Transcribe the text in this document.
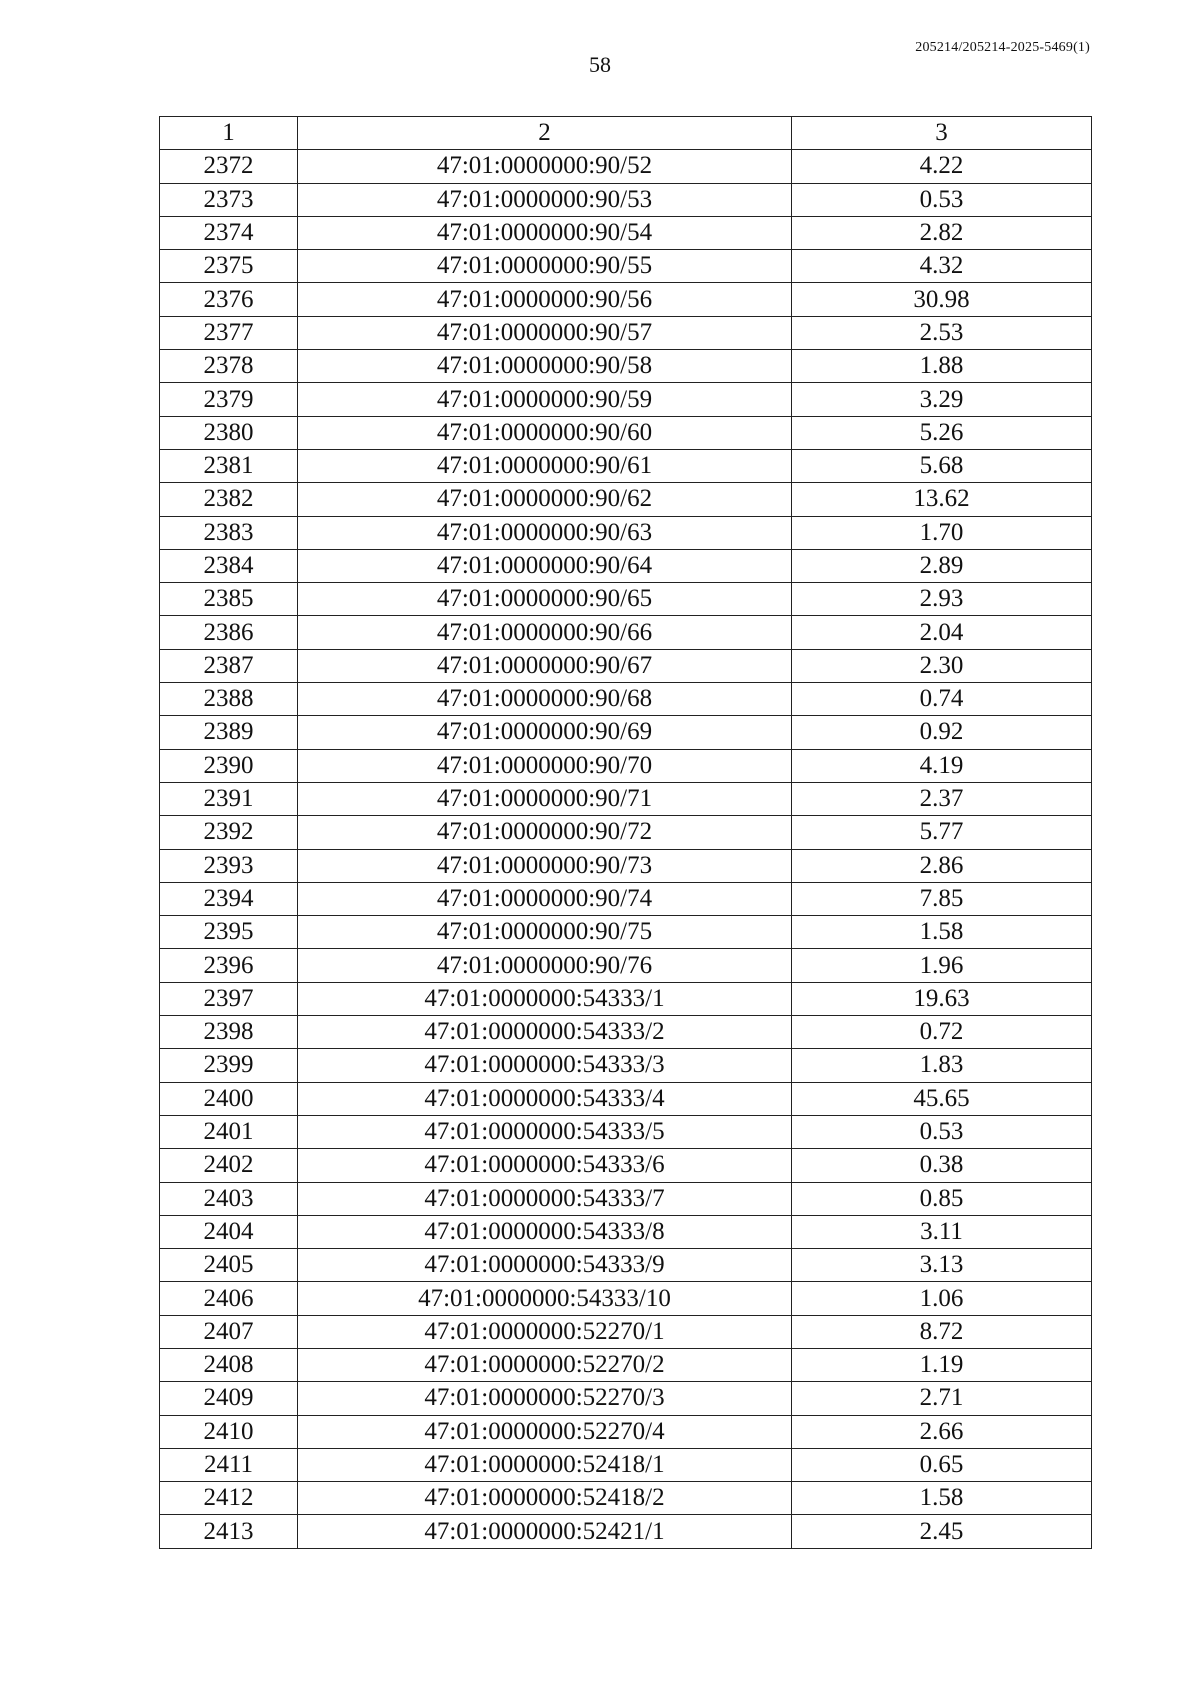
58
205214/205214-2025-5469(1)
1	2	3
2372	47:01:0000000:90/52	4.22
2373	47:01:0000000:90/53	0.53
2374	47:01:0000000:90/54	2.82
2375	47:01:0000000:90/55	4.32
2376	47:01:0000000:90/56	30.98
2377	47:01:0000000:90/57	2.53
2378	47:01:0000000:90/58	1.88
2379	47:01:0000000:90/59	3.29
2380	47:01:0000000:90/60	5.26
2381	47:01:0000000:90/61	5.68
2382	47:01:0000000:90/62	13.62
2383	47:01:0000000:90/63	1.70
2384	47:01:0000000:90/64	2.89
2385	47:01:0000000:90/65	2.93
2386	47:01:0000000:90/66	2.04
2387	47:01:0000000:90/67	2.30
2388	47:01:0000000:90/68	0.74
2389	47:01:0000000:90/69	0.92
2390	47:01:0000000:90/70	4.19
2391	47:01:0000000:90/71	2.37
2392	47:01:0000000:90/72	5.77
2393	47:01:0000000:90/73	2.86
2394	47:01:0000000:90/74	7.85
2395	47:01:0000000:90/75	1.58
2396	47:01:0000000:90/76	1.96
2397	47:01:0000000:54333/1	19.63
2398	47:01:0000000:54333/2	0.72
2399	47:01:0000000:54333/3	1.83
2400	47:01:0000000:54333/4	45.65
2401	47:01:0000000:54333/5	0.53
2402	47:01:0000000:54333/6	0.38
2403	47:01:0000000:54333/7	0.85
2404	47:01:0000000:54333/8	3.11
2405	47:01:0000000:54333/9	3.13
2406	47:01:0000000:54333/10	1.06
2407	47:01:0000000:52270/1	8.72
2408	47:01:0000000:52270/2	1.19
2409	47:01:0000000:52270/3	2.71
2410	47:01:0000000:52270/4	2.66
2411	47:01:0000000:52418/1	0.65
2412	47:01:0000000:52418/2	1.58
2413	47:01:0000000:52421/1	2.45
